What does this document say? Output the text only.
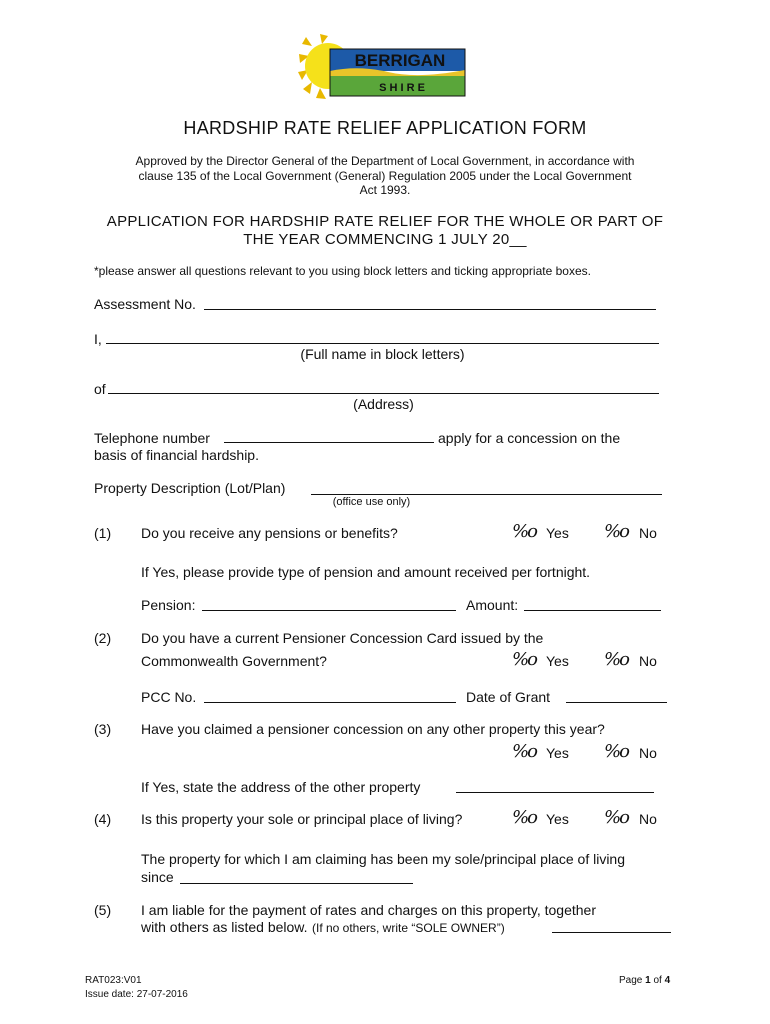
BERRIGAN
S H I R E
HARDSHIP RATE RELIEF APPLICATION FORM
Approved by the Director General of the Department of Local Government, in accordance with
clause 135 of the Local Government (General) Regulation 2005 under the Local Government
Act 1993.
APPLICATION FOR HARDSHIP RATE RELIEF FOR THE WHOLE OR PART OF
THE YEAR COMMENCING 1 JULY 20__
*please answer all questions relevant to you using block letters and ticking appropriate boxes.
Assessment No.
I,
(Full name in block letters)
of
(Address)
Telephone number	apply for a concession on the
basis of financial hardship.
Property Description (Lot/Plan)
(office use only)
(1) Do you receive any pensions or benefits?	%o Yes %o No
If Yes, please provide type of pension and amount received per fortnight.
Pension:	Amount:
(2) Do you have a current Pensioner Concession Card issued by the
Commonwealth Government?	%o Yes %o No
PCC No.	Date of Grant
(3) Have you claimed a pensioner concession on any other property this year?
%o Yes %o No
If Yes, state the address of the other property
(4) Is this property your sole or principal place of living?	%o Yes %o No
The property for which I am claiming has been my sole/principal place of living
since
(5) I am liable for the payment of rates and charges on this property, together
with others as listed below. (If no others, write “SOLE OWNER”)
RAT023:V01
Issue date: 27-07-2016
Page 1 of 4
